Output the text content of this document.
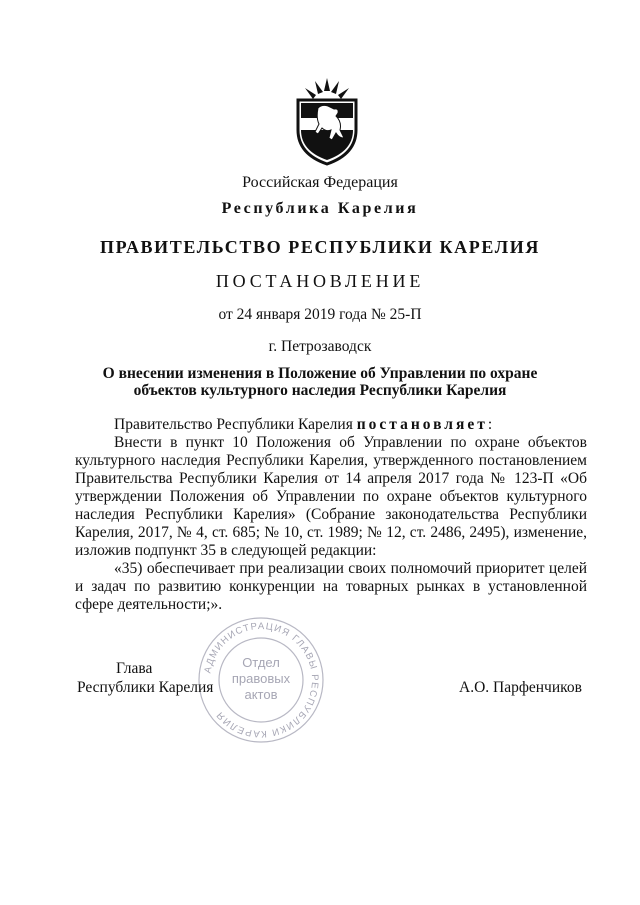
Российская Федерация
Республика Карелия
ПРАВИТЕЛЬСТВО РЕСПУБЛИКИ КАРЕЛИЯ
ПОСТАНОВЛЕНИЕ
от 24 января 2019 года № 25-П
г. Петрозаводск
О внесении изменения в Положение об Управлении по охране
объектов культурного наследия Республики Карелия

Правительство Республики Карелия постановляет:

Внести в пункт 10 Положения об Управлении по охране объектов культурного наследия Республики Карелия, утвержденного постановлением Правительства Республики Карелия от 14 апреля 2017 года № 123-П «Об утверждении Положения об Управлении по охране объектов культурного наследия Республики Карелия» (Собрание законодательства Республики Карелия, 2017, № 4, ст. 685; № 10, ст. 1989; № 12, ст. 2486, 2495), изменение, изложив подпункт 35 в следующей редакции:

«35) обеспечивает при реализации своих полномочий приоритет целей и задач по развитию конкуренции на товарных рынках в установленной сфере деятельности;».

АДМИНИСТРАЦИЯ ГЛАВЫ РЕСПУБЛИКИ КАРЕЛИЯ
Отдел
правовых
актов
Глава
Республики Карелия	А.О. Парфенчиков
